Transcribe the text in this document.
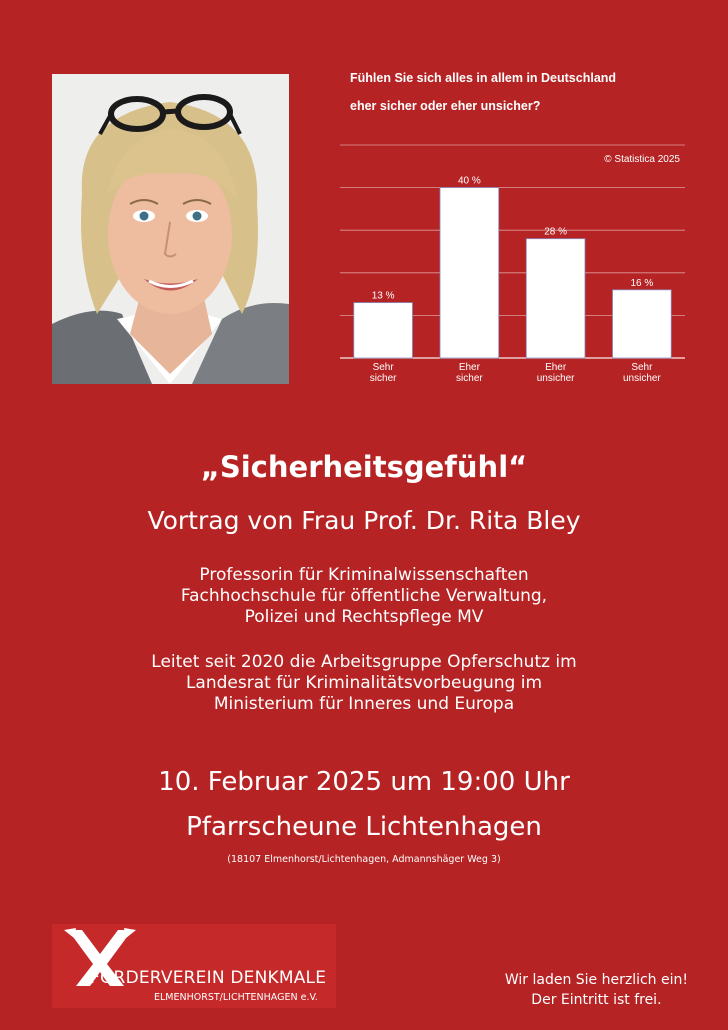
Fühlen Sie sich alles in allem in Deutschland
eher sicher oder eher unsicher?
© Statistica 2025
13 %
Sehr
sicher
40 %
Eher
sicher
28 %
Eher
unsicher
16 %
Sehr
unsicher
„Sicherheitsgefühl“
Vortrag von Frau Prof. Dr. Rita Bley
Professorin für Kriminalwissenschaften
Fachhochschule für öffentliche Verwaltung,
Polizei und Rechtspflege MV
Leitet seit 2020 die Arbeitsgruppe Opferschutz im
Landesrat für Kriminalitätsvorbeugung im
Ministerium für Inneres und Europa
10. Februar 2025 um 19:00 Uhr
Pfarrscheune Lichtenhagen
(18107 Elmenhorst/Lichtenhagen, Admannshäger Weg 3)
FÖRDERVEREIN DENKMALE
ELMENHORST/LICHTENHAGEN e.V.
Wir laden Sie herzlich ein!
Der Eintritt ist frei.
